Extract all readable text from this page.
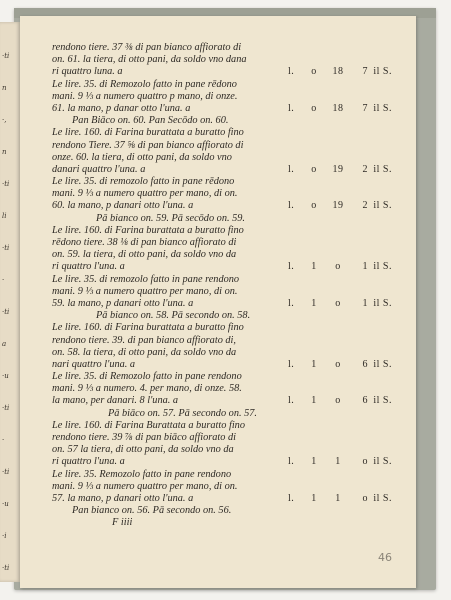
·ti
n
·,
n
·ti
li
·ti
·
·ti
a
·u
·ti
·
·ti
·u
·i
·ti
rendono tiere. 37 ⅜ di pan bianco affiorato di
on. 61. la tiera, di otto pani, da soldo vno dana
ri quattro luna. a	l. o 18 7 il S.
Le lire. 35. di Remozolo fatto in pane rēdono
mani. 9 ⅓ a numero quattro p mano, di onze.
61. la mano, p danar otto l'una. a	l. o 18 7 il S.
Pan Biāco on. 60. Pan Secōdo on. 60.
Le lire. 160. di Farina burattata a buratto fino
rendono Tiere. 37 ⅝ di pan bianco affiorato di
onze. 60. la tiera, di otto pani, da soldo vno
danari quattro l'una. a	l. o 19 2 il S.
Le lire. 35. di remozolo fatto in pane rēdono
mani. 9 ⅓ a numero quattro per mano, di on.
60. la mano, p danari otto l'una. a	l. o 19 2 il S.
Pā bianco on. 59. Pā secōdo on. 59.
Le lire. 160. di Farina burattata a buratto fino
rēdono tiere. 38 ⅛ di pan bianco affiorato di
on. 59. la tiera, di otto pani, da soldo vno da
ri quattro l'una. a	l. 1 o 1 il S.
Le lire. 35. di remozolo fatto in pane rendono
mani. 9 ⅓ a numero quattro per mano, di on.
59. la mano, p danari otto l'una. a	l. 1 o 1 il S.
Pā bianco on. 58. Pā secondo on. 58.
Le lire. 160. di Farina burattata a buratto fino
rendono tiere. 39. di pan bianco affiorato di,
on. 58. la tiera, di otto pani, da soldo vno da
nari quattro l'una. a	l. 1 o 6 il S.
Le lire. 35. di Remozolo fatto in pane rendono
mani. 9 ⅓ a numero. 4. per mano, di onze. 58.
la mano, per danari. 8 l'una. a	l. 1 o 6 il S.
Pā biāco on. 57. Pā secondo on. 57.
Le lire. 160. di Farina Burattata a buratto fino
rendono tiere. 39 ⅞ di pan biāco affiorato di
on. 57 la tiera, di otto pani, da soldo vno da
ri quattro l'una. a	l. 1 1 o il S.
Le lire. 35. Remozolo fatto in pane rendono
mani. 9 ⅓ a numero quattro per mano, di on.
57. la mano, p danari otto l'una. a	l. 1 1 o il S.
Pan bianco on. 56. Pā secondo on. 56.
F iiii
46
